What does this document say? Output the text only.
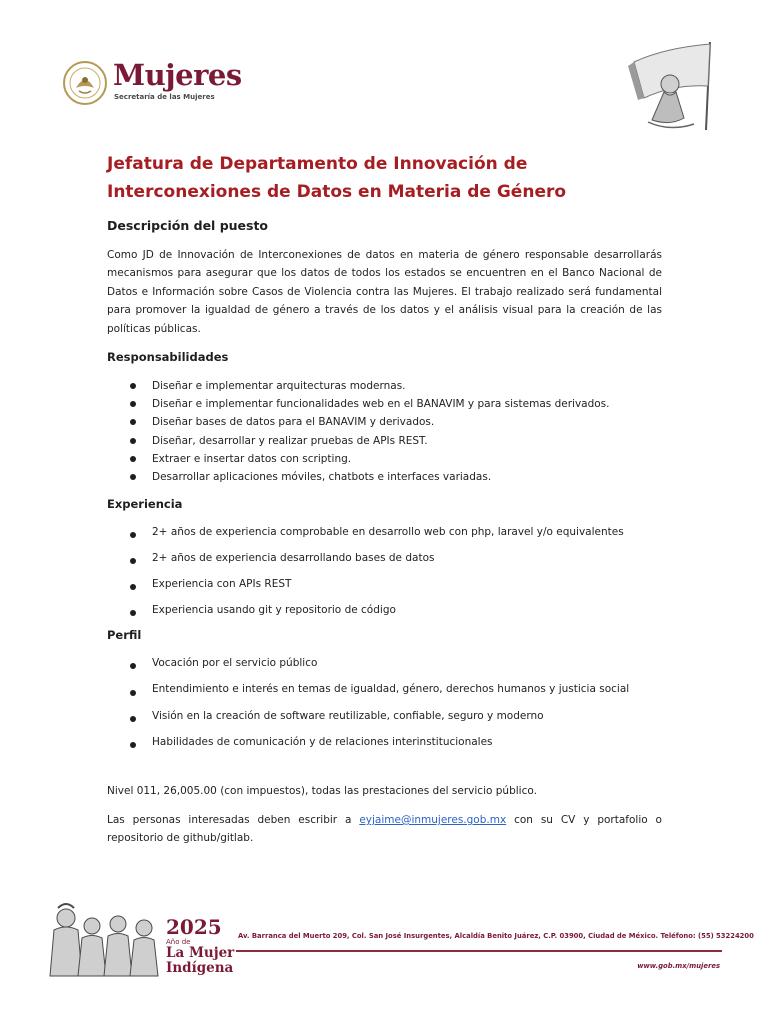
Mujeres
Secretaría de las Mujeres
Jefatura de Departamento de Innovación de Interconexiones de Datos en Materia de Género
Descripción del puesto
Como JD de Innovación de Interconexiones de datos en materia de género responsable desarrollarás mecanismos para asegurar que los datos de todos los estados se encuentren en el Banco Nacional de Datos e Información sobre Casos de Violencia contra las Mujeres. El trabajo realizado será fundamental para promover la igualdad de género a través de los datos y el análisis visual para la creación de las políticas públicas.
Responsabilidades
Diseñar e implementar arquitecturas modernas.
Diseñar e implementar funcionalidades web en el BANAVIM y para sistemas derivados.
Diseñar bases de datos para el BANAVIM y derivados.
Diseñar, desarrollar y realizar pruebas de APIs REST.
Extraer e insertar datos con scripting.
Desarrollar aplicaciones móviles, chatbots e interfaces variadas.
Experiencia
2+ años de experiencia comprobable en desarrollo web con php, laravel y/o equivalentes
2+ años de experiencia desarrollando bases de datos
Experiencia con APIs REST
Experiencia usando git y repositorio de código
Perfil
Vocación por el servicio público
Entendimiento e interés en temas de igualdad, género, derechos humanos y justicia social
Visión en la creación de software reutilizable, confiable, seguro y moderno
Habilidades de comunicación y de relaciones interinstitucionales
Nivel 011, 26,005.00 (con impuestos), todas las prestaciones del servicio público.
Las personas interesadas deben escribir a eyjaime@inmujeres.gob.mx con su CV y portafolio o repositorio de github/gitlab.
2025
Año de
La Mujer
Indígena
Av. Barranca del Muerto 209, Col. San José Insurgentes, Alcaldía Benito Juárez, C.P. 03900, Ciudad de México. Teléfono: (55) 53224200
www.gob.mx/mujeres
